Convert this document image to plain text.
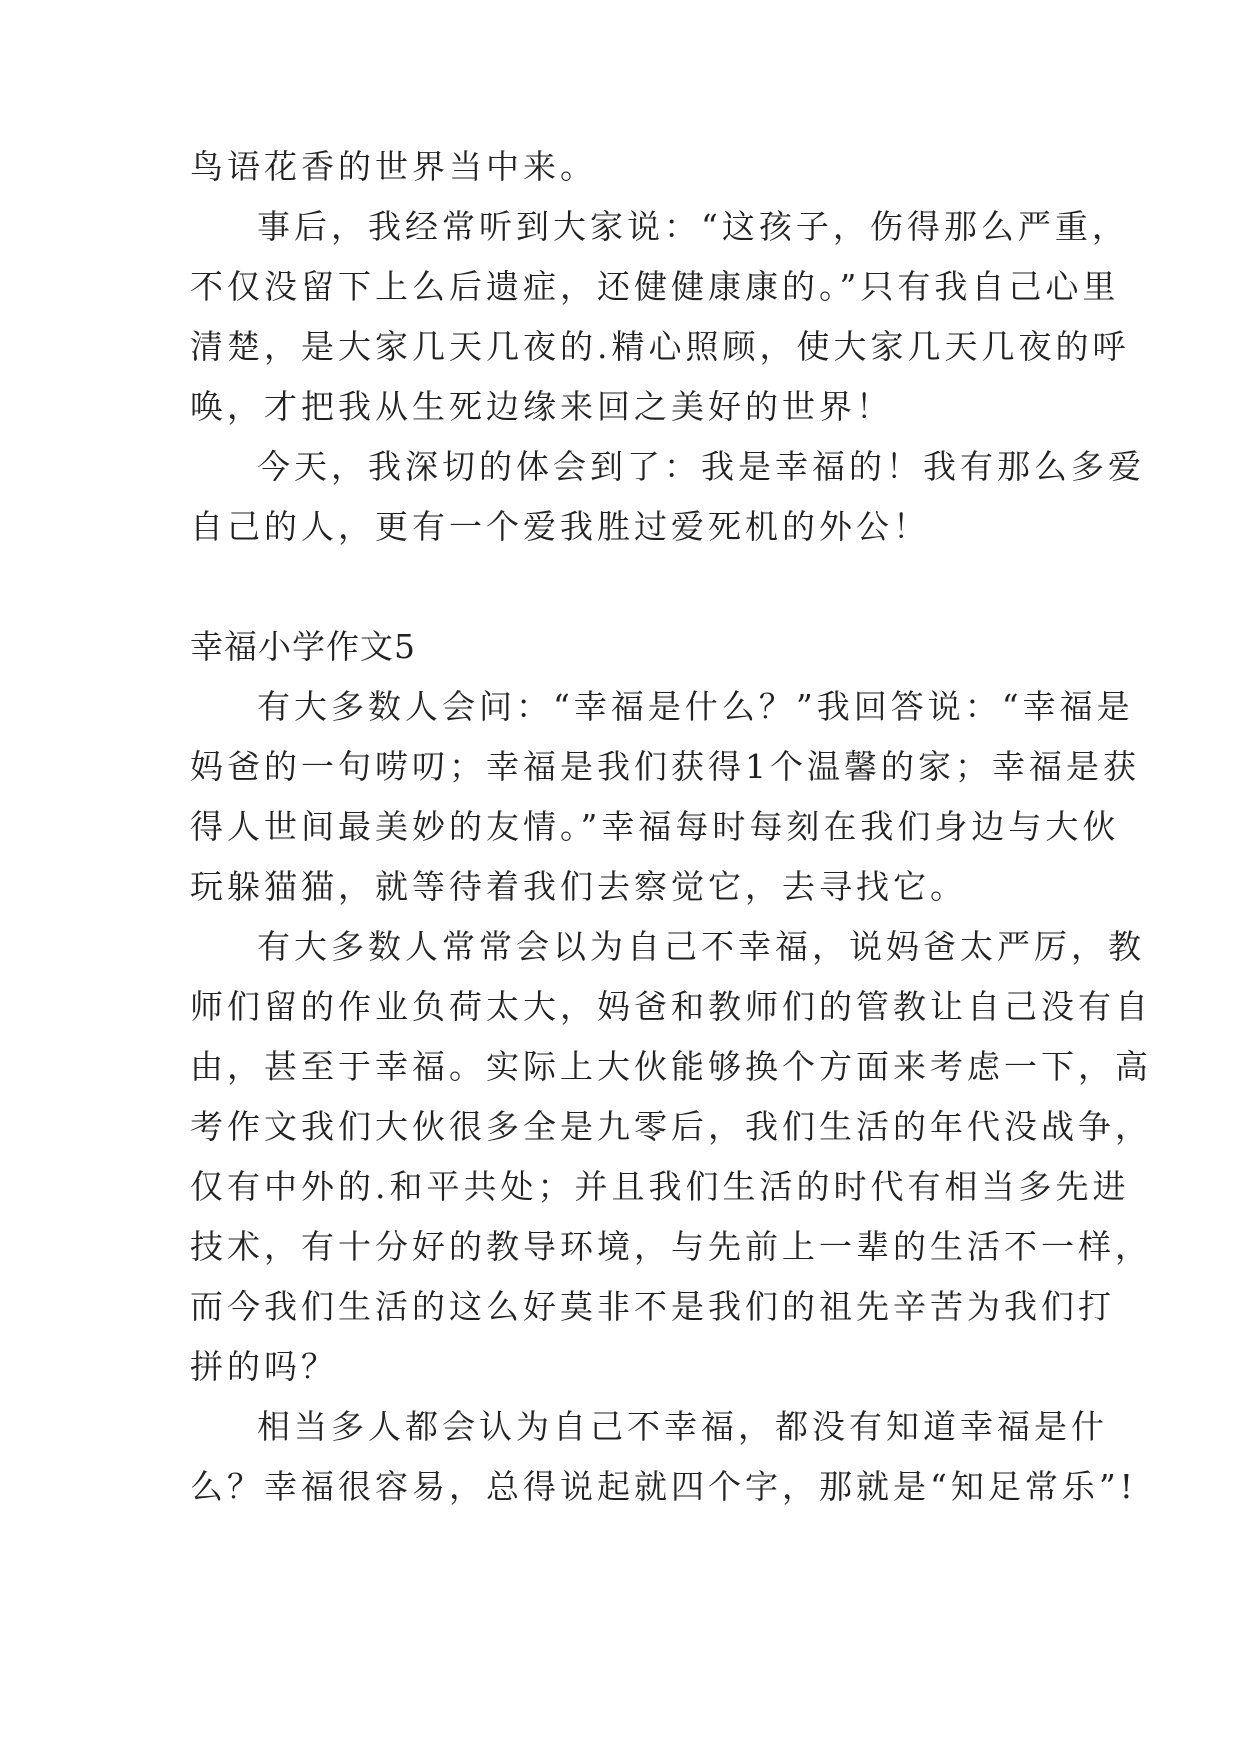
鸟语花香的世界当中来。
事后，我经常听到大家说：“这孩子，伤得那么严重，
不仅没留下上么后遗症，还健健康康的。”只有我自己心里
清楚，是大家几天几夜的.精心照顾，使大家几天几夜的呼
唤，才把我从生死边缘来回之美好的世界！
今天，我深切的体会到了：我是幸福的！我有那么多爱
自己的人，更有一个爱我胜过爱死机的外公！
幸福小学作文5
有大多数人会问：“幸福是什么？”我回答说：“幸福是
妈爸的一句唠叨；幸福是我们获得1个温馨的家；幸福是获
得人世间最美妙的友情。”幸福每时每刻在我们身边与大伙
玩躲猫猫，就等待着我们去察觉它，去寻找它。
有大多数人常常会以为自己不幸福，说妈爸太严厉，教
师们留的作业负荷太大，妈爸和教师们的管教让自己没有自
由，甚至于幸福。实际上大伙能够换个方面来考虑一下，高
考作文我们大伙很多全是九零后，我们生活的年代没战争，
仅有中外的.和平共处；并且我们生活的时代有相当多先进
技术，有十分好的教导环境，与先前上一辈的生活不一样，
而今我们生活的这么好莫非不是我们的祖先辛苦为我们打
拼的吗？
相当多人都会认为自己不幸福，都没有知道幸福是什
么？幸福很容易，总得说起就四个字，那就是“知足常乐”!
